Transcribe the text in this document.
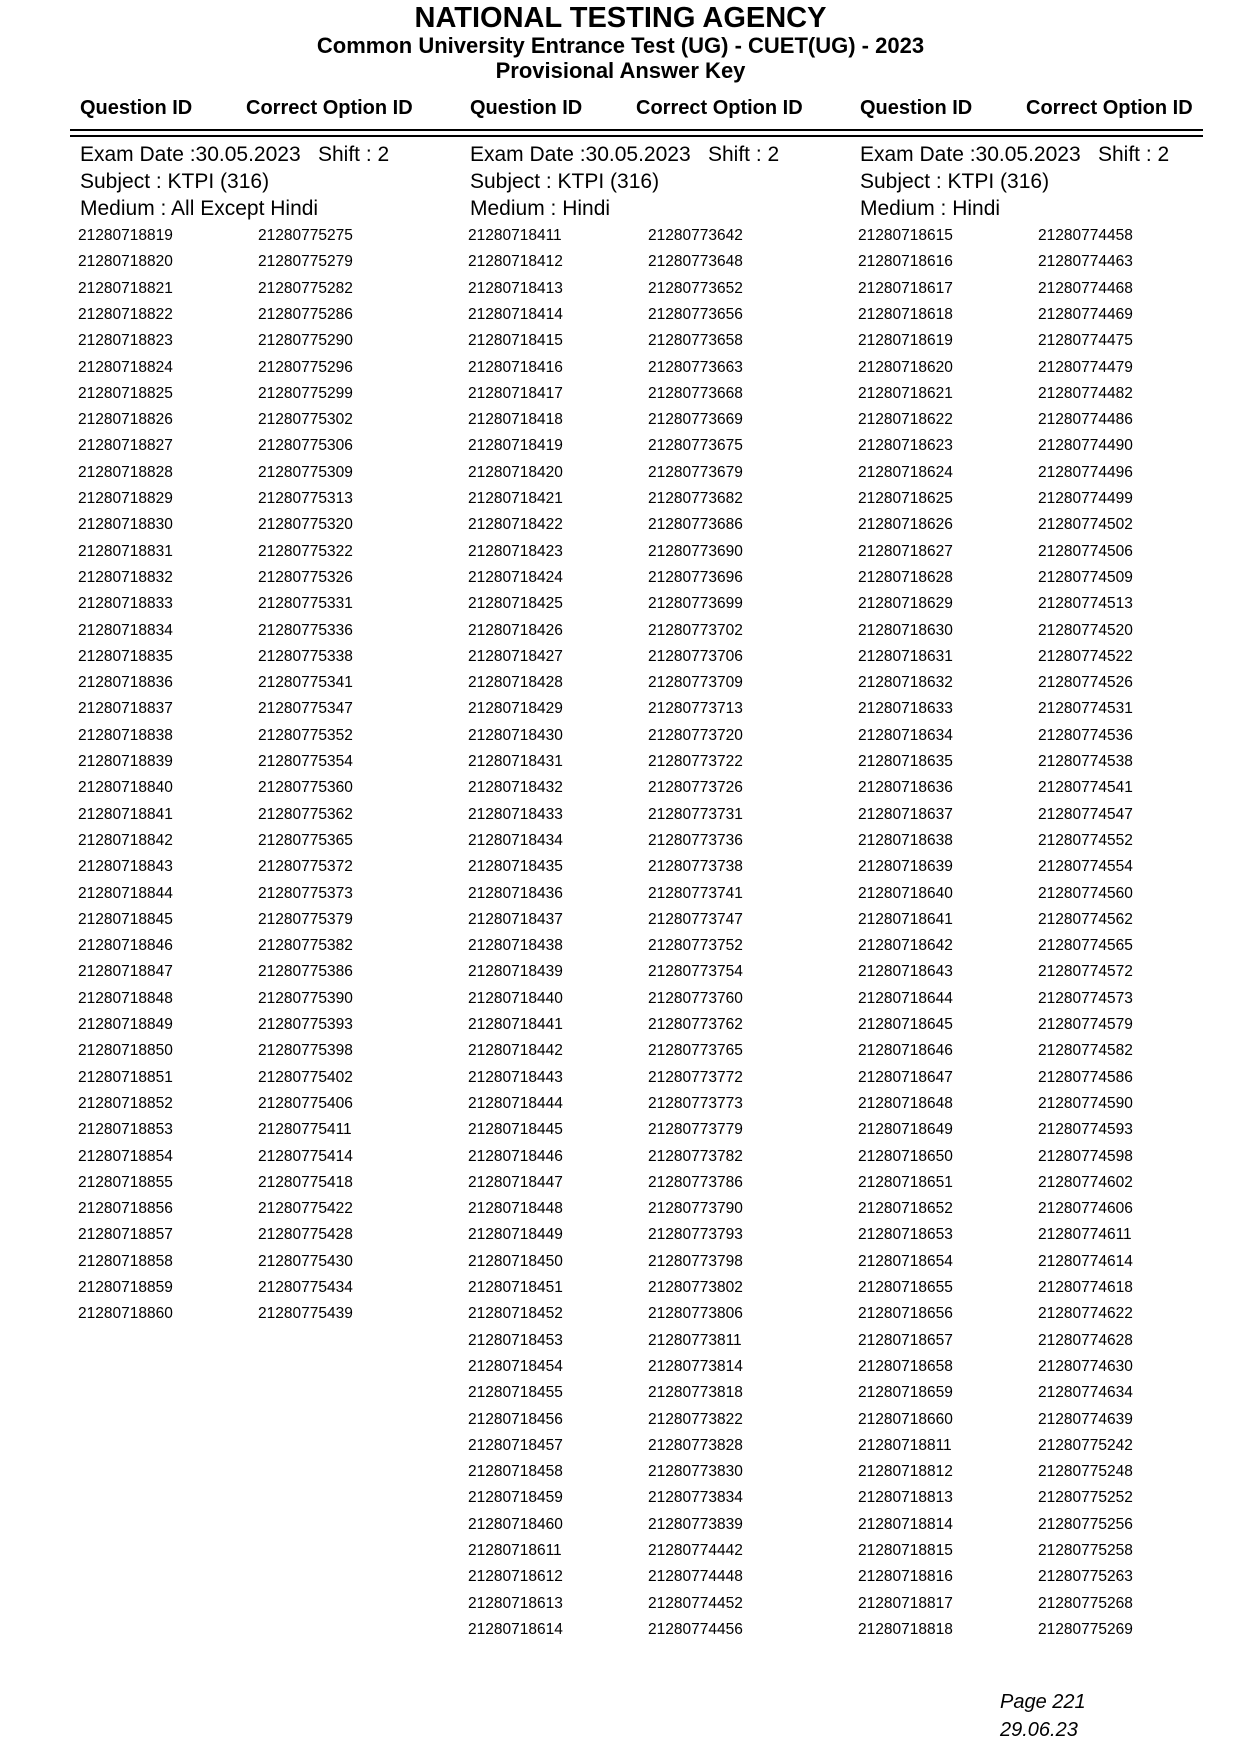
NATIONAL TESTING AGENCY
Common University Entrance Test (UG) - CUET(UG) - 2023
Provisional Answer Key
Question ID	Correct Option ID	Question ID	Correct Option ID	Question ID	Correct Option ID
Exam Date :30.05.2023 Shift : 2
Subject : KTPI (316)
Medium : All Except Hindi
21280718819	21280775275
21280718820	21280775279
21280718821	21280775282
21280718822	21280775286
21280718823	21280775290
21280718824	21280775296
21280718825	21280775299
21280718826	21280775302
21280718827	21280775306
21280718828	21280775309
21280718829	21280775313
21280718830	21280775320
21280718831	21280775322
21280718832	21280775326
21280718833	21280775331
21280718834	21280775336
21280718835	21280775338
21280718836	21280775341
21280718837	21280775347
21280718838	21280775352
21280718839	21280775354
21280718840	21280775360
21280718841	21280775362
21280718842	21280775365
21280718843	21280775372
21280718844	21280775373
21280718845	21280775379
21280718846	21280775382
21280718847	21280775386
21280718848	21280775390
21280718849	21280775393
21280718850	21280775398
21280718851	21280775402
21280718852	21280775406
21280718853	21280775411
21280718854	21280775414
21280718855	21280775418
21280718856	21280775422
21280718857	21280775428
21280718858	21280775430
21280718859	21280775434
21280718860	21280775439
Exam Date :30.05.2023 Shift : 2
Subject : KTPI (316)
Medium : Hindi
21280718411	21280773642
21280718412	21280773648
21280718413	21280773652
21280718414	21280773656
21280718415	21280773658
21280718416	21280773663
21280718417	21280773668
21280718418	21280773669
21280718419	21280773675
21280718420	21280773679
21280718421	21280773682
21280718422	21280773686
21280718423	21280773690
21280718424	21280773696
21280718425	21280773699
21280718426	21280773702
21280718427	21280773706
21280718428	21280773709
21280718429	21280773713
21280718430	21280773720
21280718431	21280773722
21280718432	21280773726
21280718433	21280773731
21280718434	21280773736
21280718435	21280773738
21280718436	21280773741
21280718437	21280773747
21280718438	21280773752
21280718439	21280773754
21280718440	21280773760
21280718441	21280773762
21280718442	21280773765
21280718443	21280773772
21280718444	21280773773
21280718445	21280773779
21280718446	21280773782
21280718447	21280773786
21280718448	21280773790
21280718449	21280773793
21280718450	21280773798
21280718451	21280773802
21280718452	21280773806
21280718453	21280773811
21280718454	21280773814
21280718455	21280773818
21280718456	21280773822
21280718457	21280773828
21280718458	21280773830
21280718459	21280773834
21280718460	21280773839
21280718611	21280774442
21280718612	21280774448
21280718613	21280774452
21280718614	21280774456
Exam Date :30.05.2023 Shift : 2
Subject : KTPI (316)
Medium : Hindi
21280718615	21280774458
21280718616	21280774463
21280718617	21280774468
21280718618	21280774469
21280718619	21280774475
21280718620	21280774479
21280718621	21280774482
21280718622	21280774486
21280718623	21280774490
21280718624	21280774496
21280718625	21280774499
21280718626	21280774502
21280718627	21280774506
21280718628	21280774509
21280718629	21280774513
21280718630	21280774520
21280718631	21280774522
21280718632	21280774526
21280718633	21280774531
21280718634	21280774536
21280718635	21280774538
21280718636	21280774541
21280718637	21280774547
21280718638	21280774552
21280718639	21280774554
21280718640	21280774560
21280718641	21280774562
21280718642	21280774565
21280718643	21280774572
21280718644	21280774573
21280718645	21280774579
21280718646	21280774582
21280718647	21280774586
21280718648	21280774590
21280718649	21280774593
21280718650	21280774598
21280718651	21280774602
21280718652	21280774606
21280718653	21280774611
21280718654	21280774614
21280718655	21280774618
21280718656	21280774622
21280718657	21280774628
21280718658	21280774630
21280718659	21280774634
21280718660	21280774639
21280718811	21280775242
21280718812	21280775248
21280718813	21280775252
21280718814	21280775256
21280718815	21280775258
21280718816	21280775263
21280718817	21280775268
21280718818	21280775269
Page 221
29.06.23
